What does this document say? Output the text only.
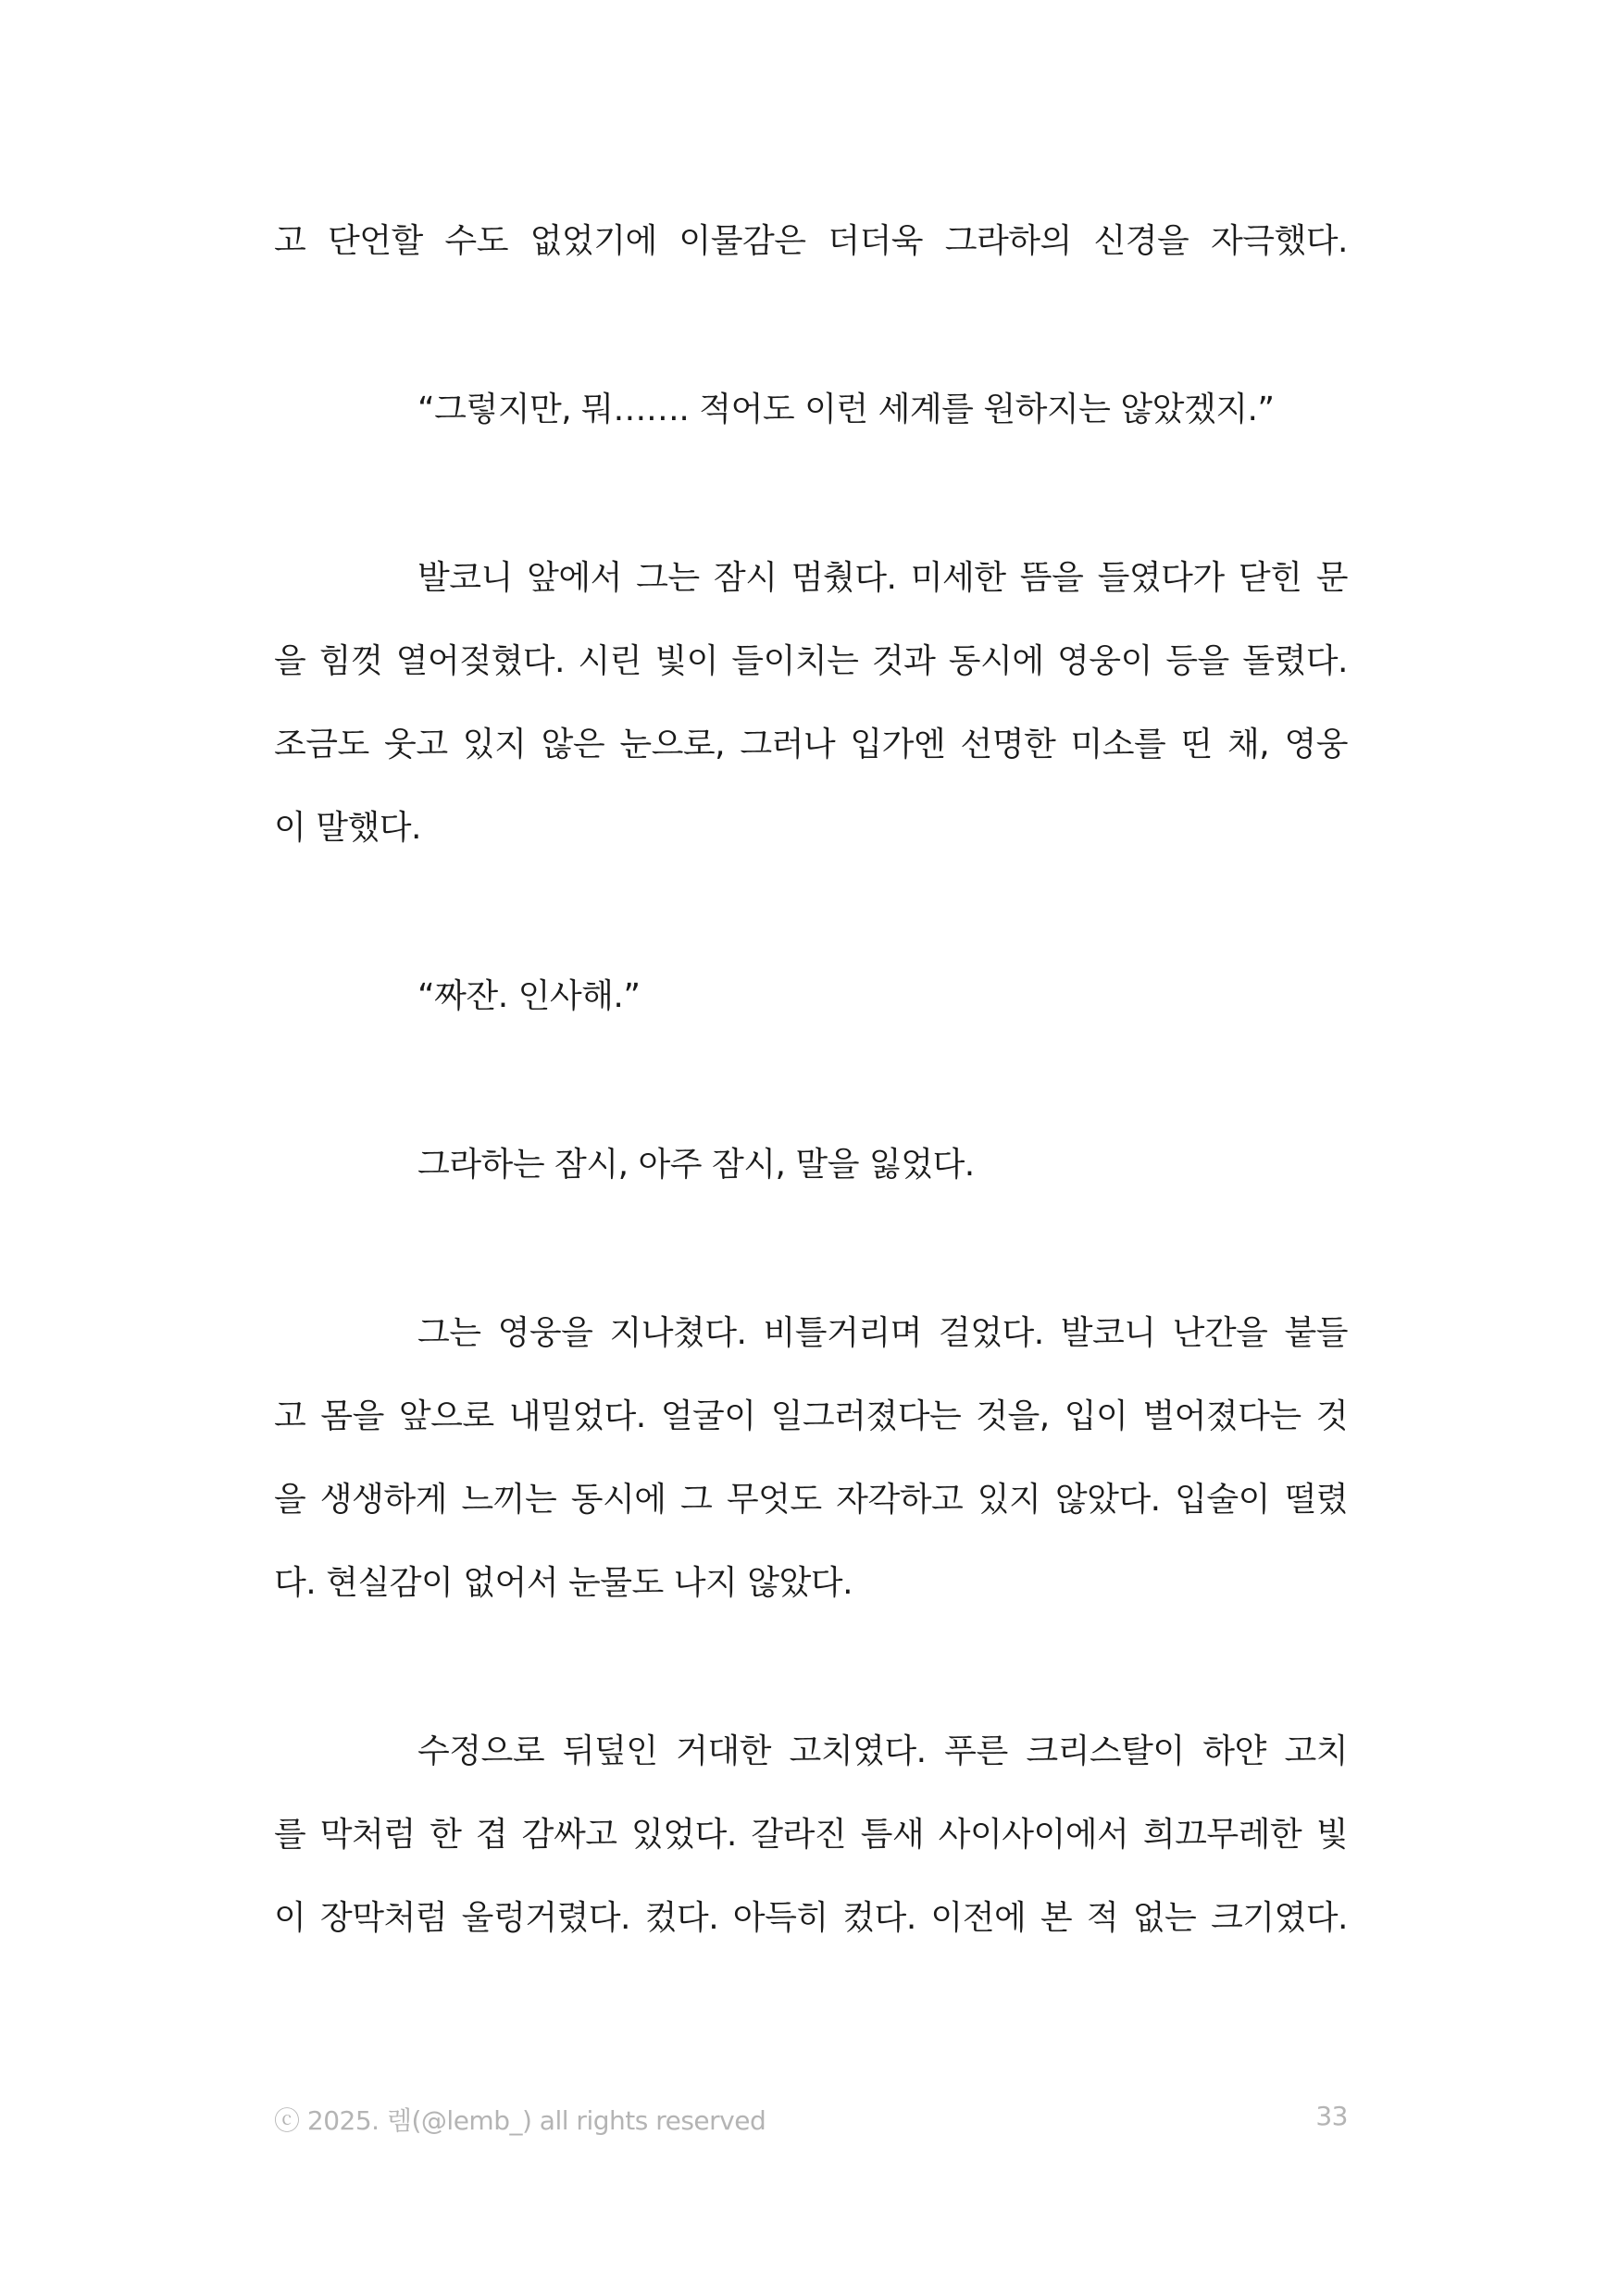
고 단언할 수도 없었기에 이물감은 더더욱 그라하의 신경을 자극했다.
“그렇지만, 뭐……. 적어도 이런 세계를 원하지는 않았겠지.”
발코니 앞에서 그는 잠시 멈췄다. 미세한 뜸을 들였다가 닫힌 문
을 힘껏 열어젖혔다. 시린 빛이 들이치는 것과 동시에 영웅이 등을 돌렸다.
조금도 웃고 있지 않은 눈으로, 그러나 입가엔 선명한 미소를 띤 채, 영웅
이 말했다.
“짜잔. 인사해.”
그라하는 잠시, 아주 잠시, 말을 잃었다.
그는 영웅을 지나쳤다. 비틀거리며 걸었다. 발코니 난간을 붙들
고 몸을 앞으로 내밀었다. 얼굴이 일그러졌다는 것을, 입이 벌어졌다는 것
을 생생하게 느끼는 동시에 그 무엇도 자각하고 있지 않았다. 입술이 떨렸
다. 현실감이 없어서 눈물도 나지 않았다.
수정으로 뒤덮인 거대한 고치였다. 푸른 크리스탈이 하얀 고치
를 막처럼 한 겹 감싸고 있었다. 갈라진 틈새 사이사이에서 희끄무레한 빛
이 장막처럼 울렁거렸다. 컸다. 아득히 컸다. 이전에 본 적 없는 크기였다.
ⓒ 2025. 렘(@lemb_) all rights reserved	33
